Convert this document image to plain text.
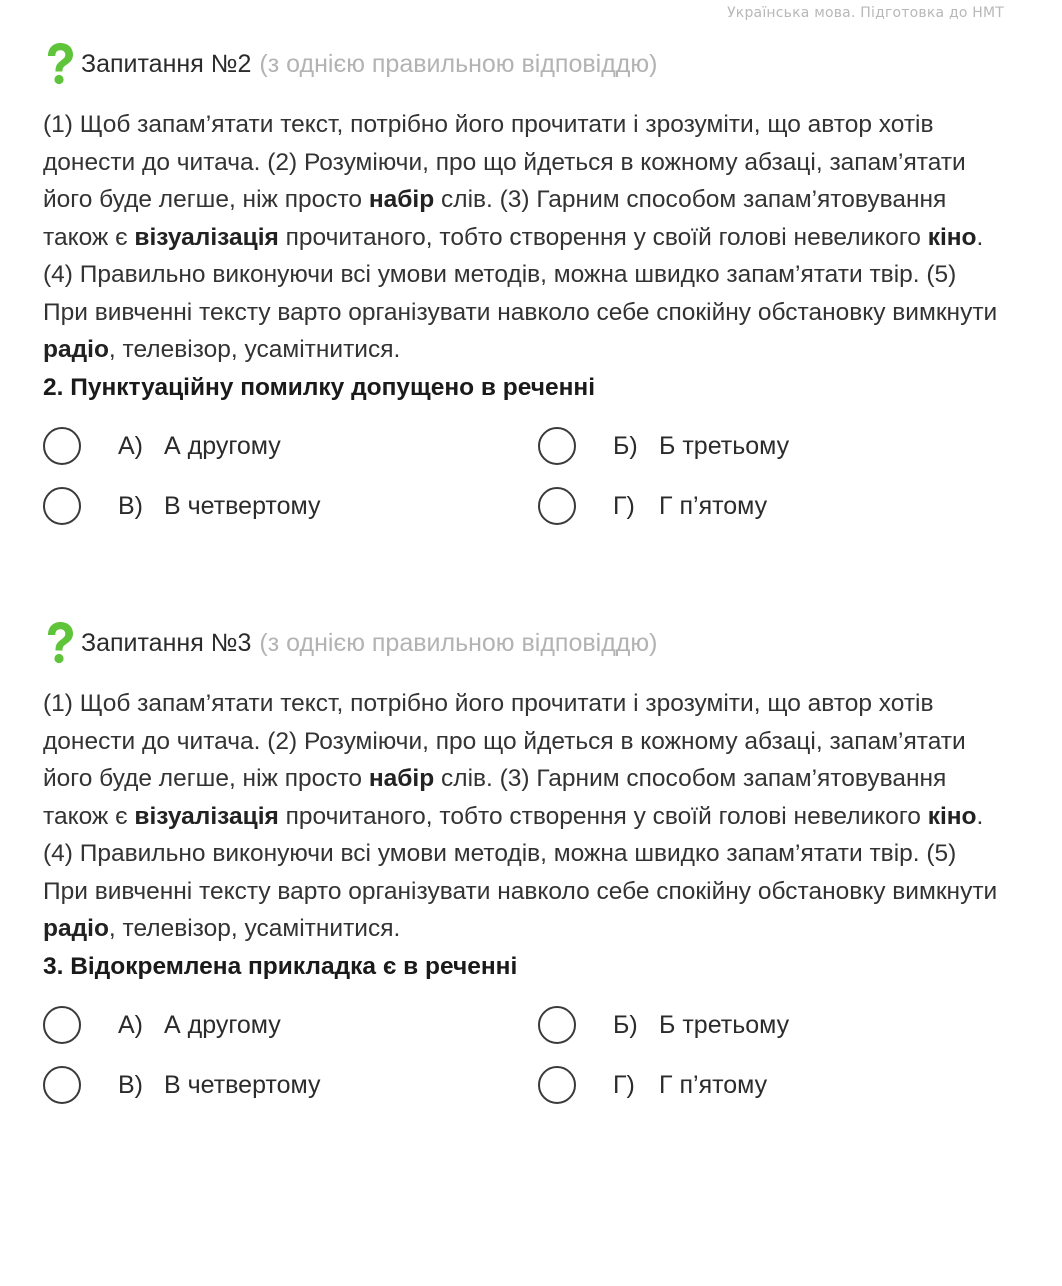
Українська мова. Підготовка до НМТ
Запитання №2 (з однією правильною відповіддю)

(1) Щоб запам’ятати текст, потрібно його прочитати і зрозуміти, що автор хотів донести до читача. (2) Розуміючи, про що йдеться в кожному абзаці, запам’ятати його буде легше, ніж просто набір слів. (3) Гарним способом запам’ятовування також є візуалізація прочитаного, тобто створення у своїй голові невеликого кіно. (4) Правильно виконуючи всі умови методів, можна швидко запам’ятати твір. (5) При вивченні тексту варто організувати навколо себе спокійну обстановку вимкнути радіо, телевізор, усамітнитися.

2. Пунктуаційну помилку допущено в реченні
А) А другому	Б) Б третьому
В) В четвертому	Г) Г п’ятому
Запитання №3 (з однією правильною відповіддю)

(1) Щоб запам’ятати текст, потрібно його прочитати і зрозуміти, що автор хотів донести до читача. (2) Розуміючи, про що йдеться в кожному абзаці, запам’ятати його буде легше, ніж просто набір слів. (3) Гарним способом запам’ятовування також є візуалізація прочитаного, тобто створення у своїй голові невеликого кіно. (4) Правильно виконуючи всі умови методів, можна швидко запам’ятати твір. (5) При вивченні тексту варто організувати навколо себе спокійну обстановку вимкнути радіо, телевізор, усамітнитися.

3. Відокремлена прикладка є в реченні
А) А другому	Б) Б третьому
В) В четвертому	Г) Г п’ятому
